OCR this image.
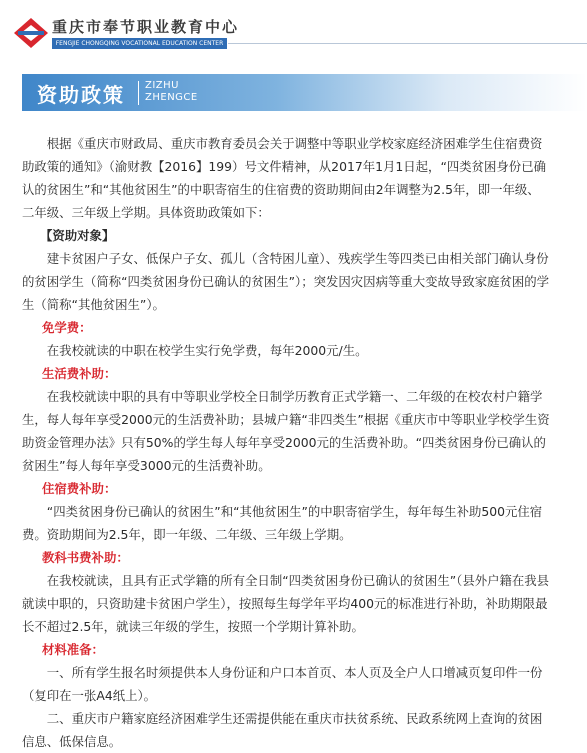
重庆市奉节职业教育中心
FENGJIE CHONGQING VOCATIONAL EDUCATION CENTER
资助政策 ZIZHU
ZHENGCE

根据《重庆市财政局、重庆市教育委员会关于调整中等职业学校家庭经济困难学生住宿费资助政策的通知》（渝财教【2016】199）号文件精神，从2017年1月1日起，“四类贫困身份已确认的贫困生”和“其他贫困生”的中职寄宿生的住宿费的资助期间由2年调整为2.5年，即一年级、二年级、三年级上学期。具体资助政策如下：

【资助对象】

建卡贫困户子女、低保户子女、孤儿（含特困儿童）、残疾学生等四类已由相关部门确认身份的贫困学生（简称“四类贫困身份已确认的贫困生”）；突发因灾因病等重大变故导致家庭贫困的学生（简称“其他贫困生”）。

免学费：

在我校就读的中职在校学生实行免学费，每年2000元/生。

生活费补助：

在我校就读中职的具有中等职业学校全日制学历教育正式学籍一、二年级的在校农村户籍学生，每人每年享受2000元的生活费补助；县城户籍“非四类生”根据《重庆市中等职业学校学生资助资金管理办法》只有50%的学生每人每年享受2000元的生活费补助。“四类贫困身份已确认的贫困生”每人每年享受3000元的生活费补助。

住宿费补助：

“四类贫困身份已确认的贫困生”和“其他贫困生”的中职寄宿学生，每年每生补助500元住宿费。资助期间为2.5年，即一年级、二年级、三年级上学期。

教科书费补助：

在我校就读，且具有正式学籍的所有全日制“四类贫困身份已确认的贫困生”（县外户籍在我县就读中职的，只资助建卡贫困户学生），按照每生每学年平均400元的标准进行补助，补助期限最长不超过2.5年，就读三年级的学生，按照一个学期计算补助。

材料准备：

一、所有学生报名时须提供本人身份证和户口本首页、本人页及全户人口增减页复印件一份（复印在一张A4纸上）。

二、重庆市户籍家庭经济困难学生还需提供能在重庆市扶贫系统、民政系统网上查询的贫困信息、低保信息。
